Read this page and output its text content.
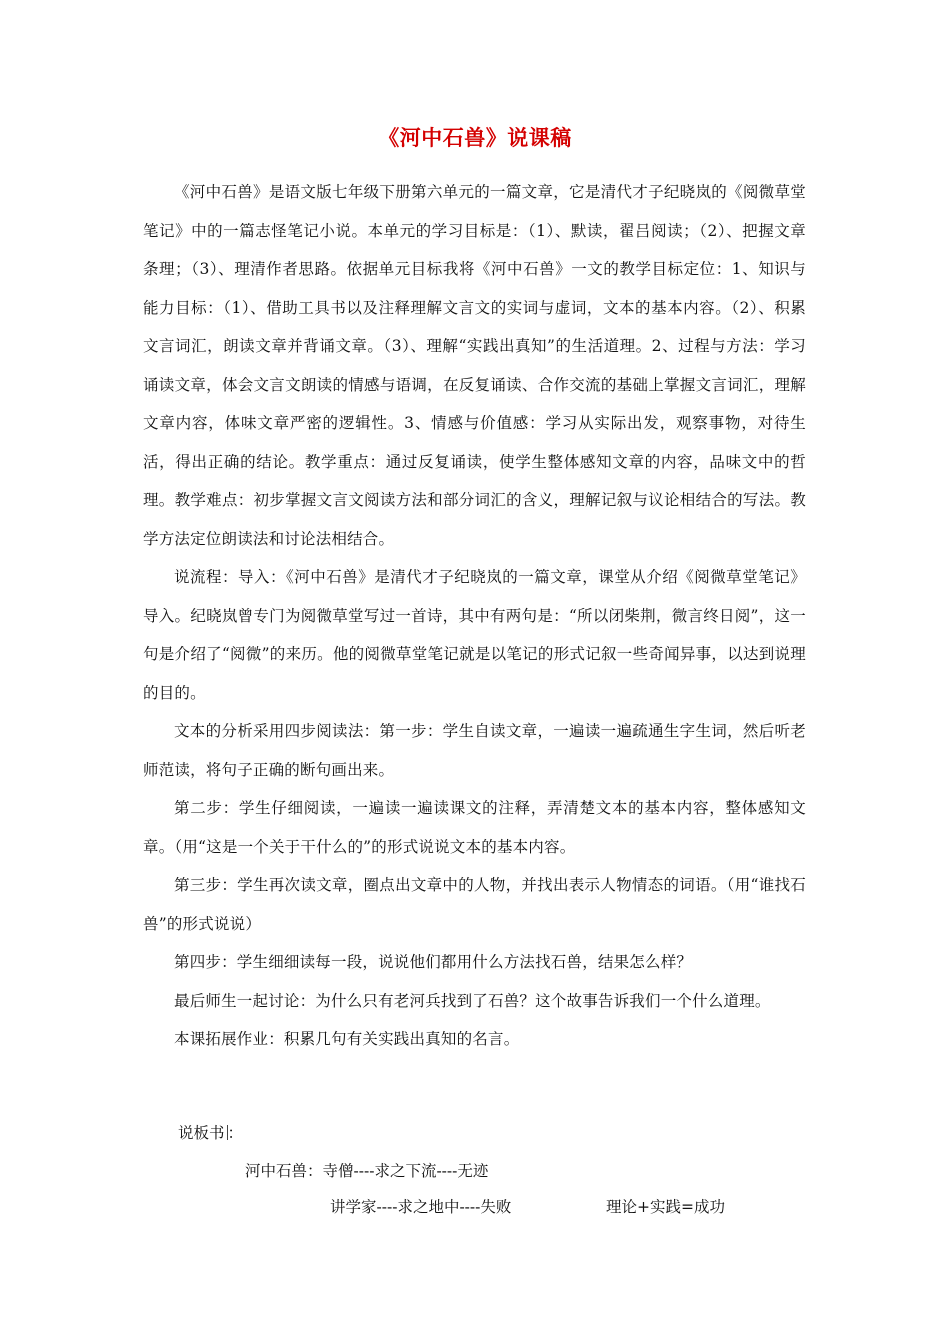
《河中石兽》说课稿

《河中石兽》是语文版七年级下册第六单元的一篇文章，它是清代才子纪晓岚的《阅微草堂笔记》中的一篇志怪笔记小说。本单元的学习目标是：（1）、默读，翟吕阅读；（2）、把握文章条理；（3）、理清作者思路。依据单元目标我将《河中石兽》一文的教学目标定位：1、知识与能力目标：（1）、借助工具书以及注释理解文言文的实词与虚词，文本的基本内容。（2）、积累文言词汇，朗读文章并背诵文章。（3）、理解“实践出真知”的生活道理。2、过程与方法：学习诵读文章，体会文言文朗读的情感与语调，在反复诵读、合作交流的基础上掌握文言词汇，理解文章内容，体味文章严密的逻辑性。3、情感与价值感：学习从实际出发，观察事物，对待生活，得出正确的结论。教学重点：通过反复诵读，使学生整体感知文章的内容，品味文中的哲理。教学难点：初步掌握文言文阅读方法和部分词汇的含义，理解记叙与议论相结合的写法。教学方法定位朗读法和讨论法相结合。

说流程：导入：《河中石兽》是清代才子纪晓岚的一篇文章，课堂从介绍《阅微草堂笔记》导入。纪晓岚曾专门为阅微草堂写过一首诗，其中有两句是：“所以闭柴荆，微言终日阅”，这一句是介绍了“阅微”的来历。他的阅微草堂笔记就是以笔记的形式记叙一些奇闻异事，以达到说理的目的。

文本的分析采用四步阅读法：第一步：学生自读文章，一遍读一遍疏通生字生词，然后听老师范读，将句子正确的断句画出来。

第二步：学生仔细阅读，一遍读一遍读课文的注释，弄清楚文本的基本内容，整体感知文章。（用“这是一个关于干什么的”的形式说说文本的基本内容。

第三步：学生再次读文章，圈点出文章中的人物，并找出表示人物情态的词语。（用“谁找石兽”的形式说说）

第四步：学生细细读每一段，说说他们都用什么方法找石兽，结果怎么样？

最后师生一起讨论：为什么只有老河兵找到了石兽？这个故事告诉我们一个什么道理。

本课拓展作业：积累几句有关实践出真知的名言。

说板书 ：
河中石兽：寺僧----求之下流----无迹
讲学家----求之地中----失败	理论+实践=成功
